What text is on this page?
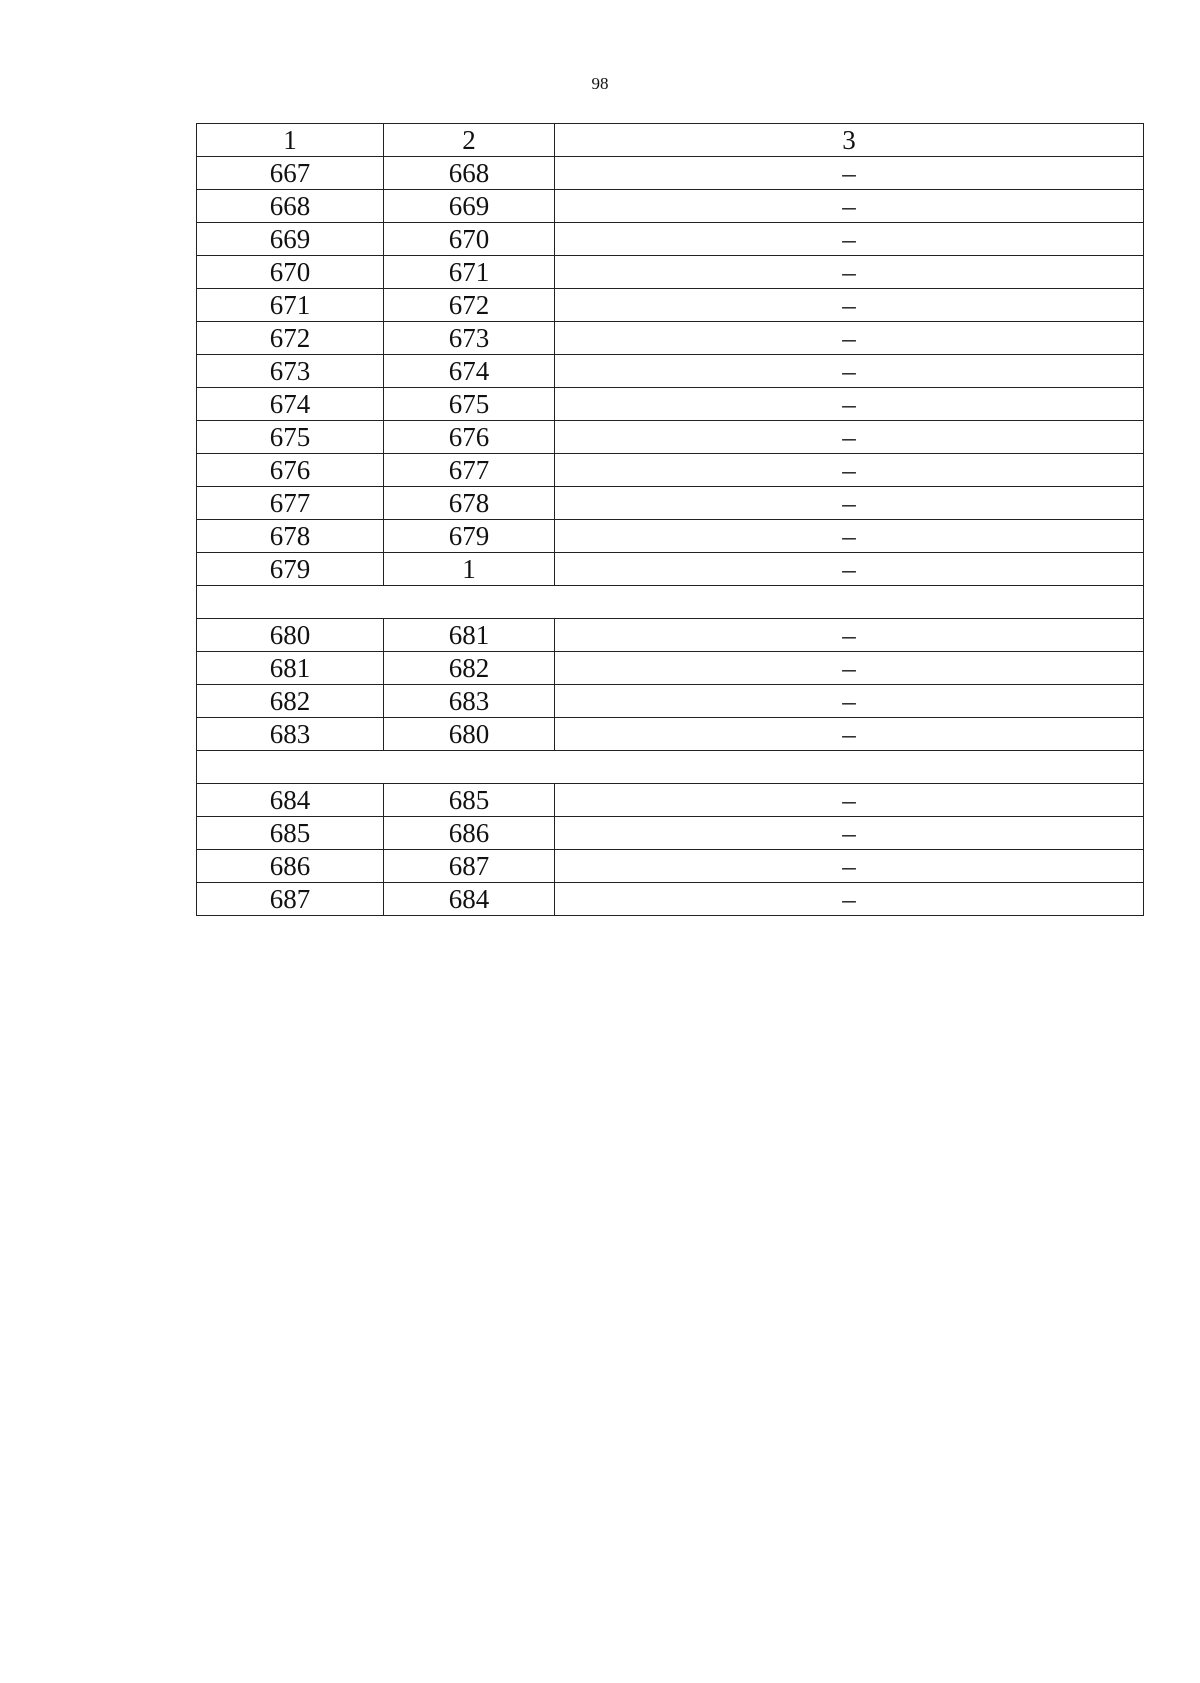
98
1	2	3
667	668	–
668	669	–
669	670	–
670	671	–
671	672	–
672	673	–
673	674	–
674	675	–
675	676	–
676	677	–
677	678	–
678	679	–
679	1	–

680	681	–
681	682	–
682	683	–
683	680	–

684	685	–
685	686	–
686	687	–
687	684	–
